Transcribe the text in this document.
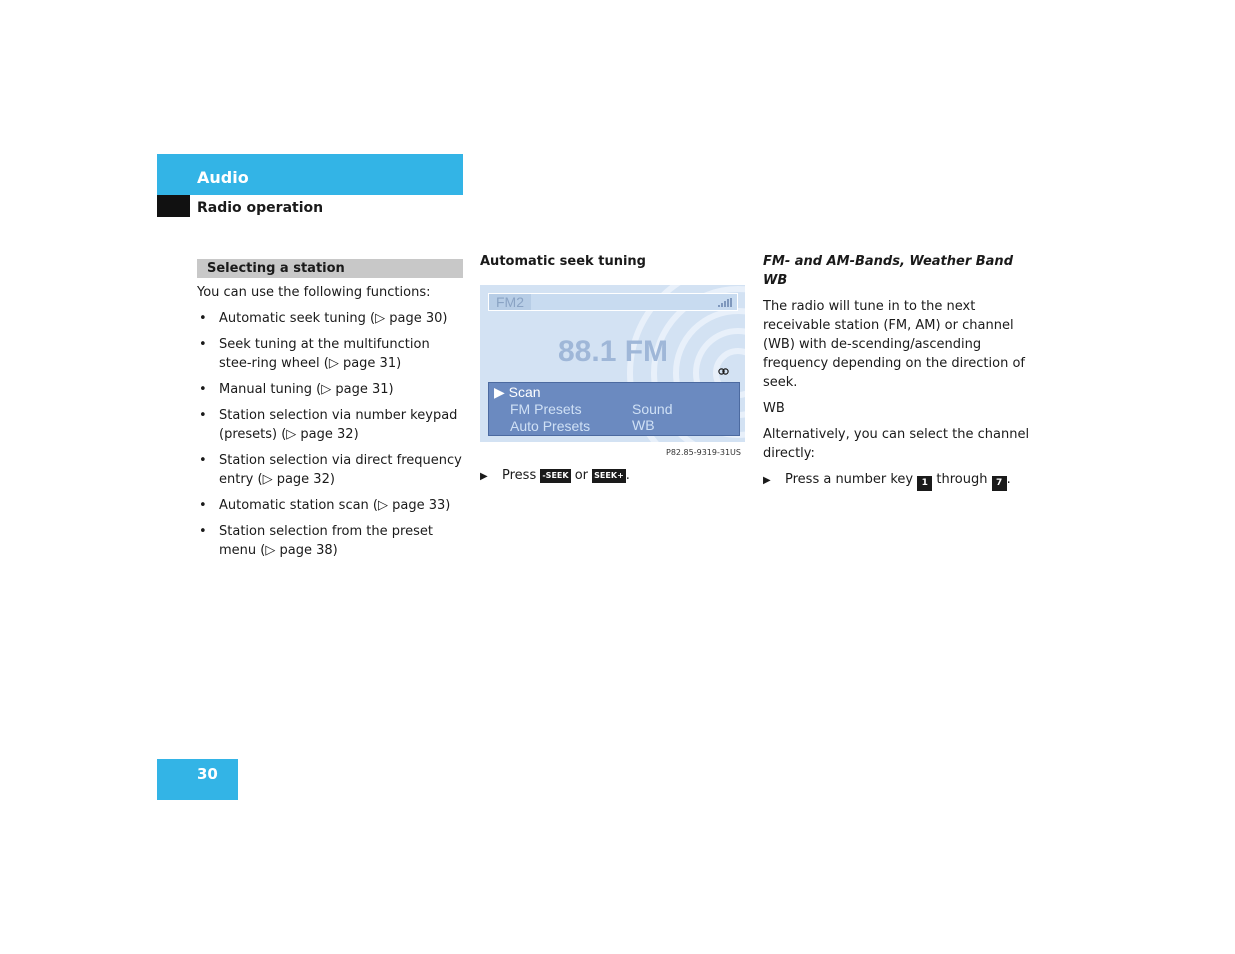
Audio
Radio operation
Selecting a station
You can use the following functions:
• Automatic seek tuning (▷ page 30)
• Seek tuning at the multifunction stee-ring wheel (▷ page 31)
• Manual tuning (▷ page 31)
• Station selection via number keypad (presets) (▷ page 32)
• Station selection via direct frequency entry (▷ page 32)
• Automatic station scan (▷ page 33)
• Station selection from the preset menu (▷ page 38)
Automatic seek tuning
FM2
88.1 FM
▶ Scan
FM Presets	Sound
Auto Presets	WB
P82.85-9319-31US
▶ Press -SEEK or SEEK+ .
FM- and AM-Bands, Weather Band WB

The radio will tune in to the next receivable station (FM, AM) or channel (WB) with de-scending/ascending frequency depending on the direction of seek.

WB

Alternatively, you can select the channel directly:

▶ Press a number key 1 through 7 .
30
